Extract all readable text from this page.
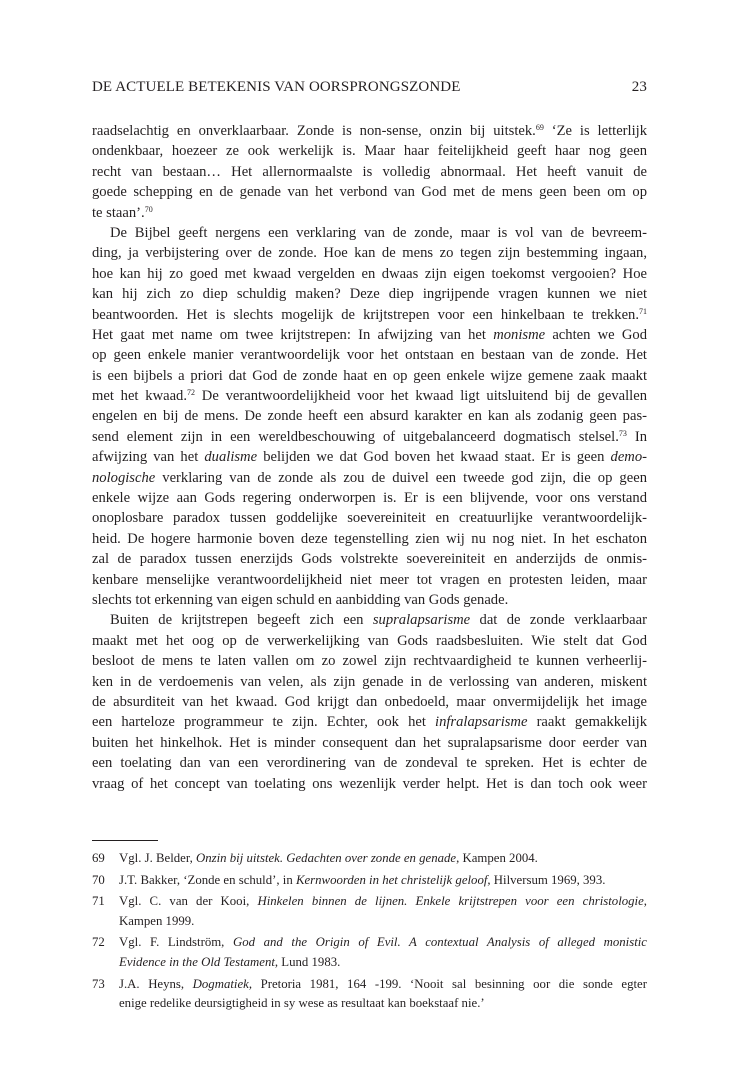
DE ACTUELE BETEKENIS VAN OORSPRONGSZONDE	23
raadselachtig en onverklaarbaar. Zonde is non-sense, onzin bij uitstek.$^{69}$ ‘Ze is letterlijk
ondenkbaar, hoezeer ze ook werkelijk is. Maar haar feitelijkheid geeft haar nog geen
recht van bestaan… Het allernormaalste is volledig abnormaal. Het heeft vanuit de
goede schepping en de genade van het verbond van God met de mens geen been om op
te staan’.$^{70}$
De Bijbel geeft nergens een verklaring van de zonde, maar is vol van de bevreem-
ding, ja verbijstering over de zonde. Hoe kan de mens zo tegen zijn bestemming ingaan,
hoe kan hij zo goed met kwaad vergelden en dwaas zijn eigen toekomst vergooien? Hoe
kan hij zich zo diep schuldig maken? Deze diep ingrijpende vragen kunnen we niet
beantwoorden. Het is slechts mogelijk de krijtstrepen voor een hinkelbaan te trekken.$^{71}$
Het gaat met name om twee krijtstrepen: In afwijzing van het monisme achten we God
op geen enkele manier verantwoordelijk voor het ontstaan en bestaan van de zonde. Het
is een bijbels a priori dat God de zonde haat en op geen enkele wijze gemene zaak maakt
met het kwaad.$^{72}$ De verantwoordelijkheid voor het kwaad ligt uitsluitend bij de gevallen
engelen en bij de mens. De zonde heeft een absurd karakter en kan als zodanig geen pas-
send element zijn in een wereldbeschouwing of uitgebalanceerd dogmatisch stelsel.$^{73}$ In
afwijzing van het dualisme belijden we dat God boven het kwaad staat. Er is geen demo-
nologische verklaring van de zonde als zou de duivel een tweede god zijn, die op geen
enkele wijze aan Gods regering onderworpen is. Er is een blijvende, voor ons verstand
onoplosbare paradox tussen goddelijke soevereiniteit en creatuurlijke verantwoordelijk-
heid. De hogere harmonie boven deze tegenstelling zien wij nu nog niet. In het eschaton
zal de paradox tussen enerzijds Gods volstrekte soevereiniteit en anderzijds de onmis-
kenbare menselijke verantwoordelijkheid niet meer tot vragen en protesten leiden, maar
slechts tot erkenning van eigen schuld en aanbidding van Gods genade.
Buiten de krijtstrepen begeeft zich een supralapsarisme dat de zonde verklaarbaar
maakt met het oog op de verwerkelijking van Gods raadsbesluiten. Wie stelt dat God
besloot de mens te laten vallen om zo zowel zijn rechtvaardigheid te kunnen verheerlij-
ken in de verdoemenis van velen, als zijn genade in de verlossing van anderen, miskent
de absurditeit van het kwaad. God krijgt dan onbedoeld, maar onvermijdelijk het image
een harteloze programmeur te zijn. Echter, ook het infralapsarisme raakt gemakkelijk
buiten het hinkelhok. Het is minder consequent dan het supralapsarisme door eerder van
een toelating dan van een verordinering van de zondeval te spreken. Het is echter de
vraag of het concept van toelating ons wezenlijk verder helpt. Het is dan toch ook weer
69 Vgl. J. Belder, Onzin bij uitstek. Gedachten over zonde en genade, Kampen 2004.
70 J.T. Bakker, ‘Zonde en schuld’, in Kernwoorden in het christelijk geloof, Hilversum 1969, 393.
71 Vgl. C. van der Kooi, Hinkelen binnen de lijnen. Enkele krijtstrepen voor een christologie,
Kampen 1999.
72 Vgl. F. Lindström, God and the Origin of Evil. A contextual Analysis of alleged monistic
Evidence in the Old Testament, Lund 1983.
73 J.A. Heyns, Dogmatiek, Pretoria 1981, 164 -199. ‘Nooit sal besinning oor die sonde egter
enige redelike deursigtigheid in sy wese as resultaat kan boekstaaf nie.’
